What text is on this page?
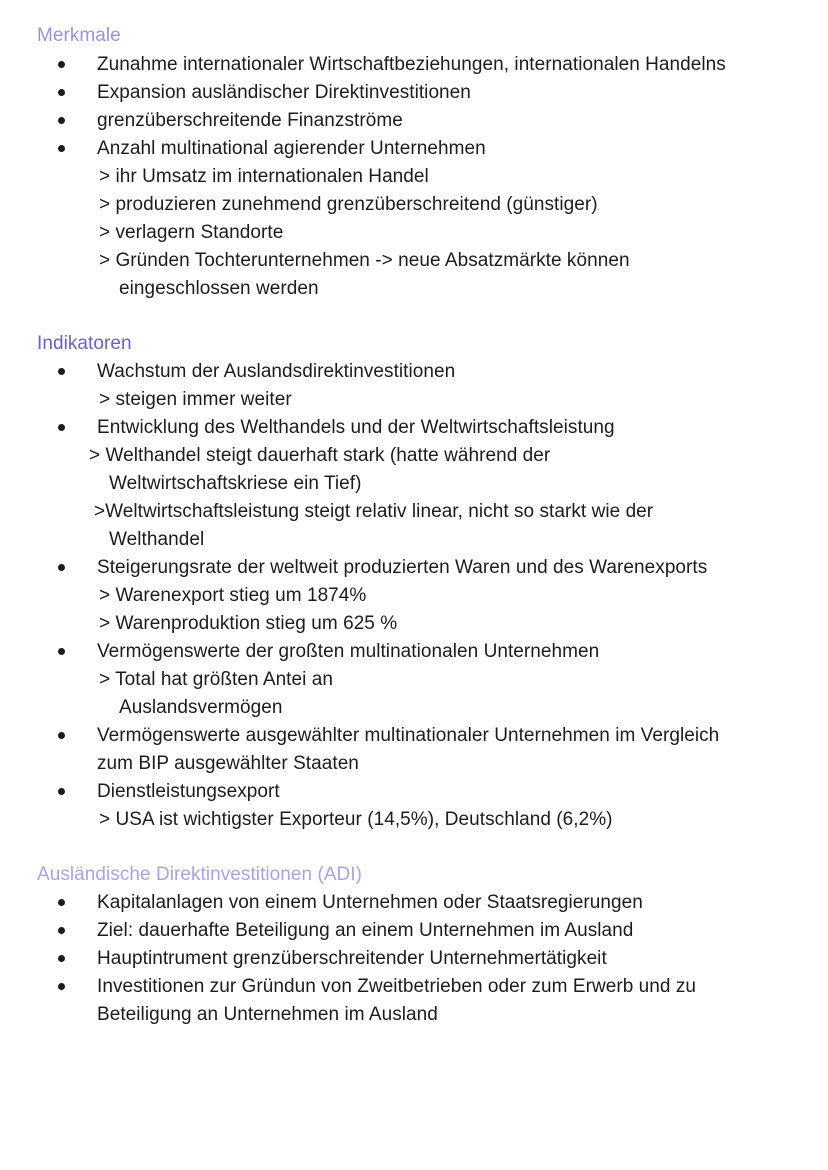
Merkmale
Zunahme internationaler Wirtschaftbeziehungen, internationalen Handelns
Expansion ausländischer Direktinvestitionen
grenzüberschreitende Finanzströme
Anzahl multinational agierender Unternehmen
> ihr Umsatz im internationalen Handel
> produzieren zunehmend grenzüberschreitend (günstiger)
> verlagern Standorte
> Gründen Tochterunternehmen -> neue Absatzmärkte können
eingeschlossen werden
Indikatoren
Wachstum der Auslandsdirektinvestitionen
> steigen immer weiter
Entwicklung des Welthandels und der Weltwirtschaftsleistung
> Welthandel steigt dauerhaft stark (hatte während der
Weltwirtschaftskriese ein Tief)
>Weltwirtschaftsleistung steigt relativ linear, nicht so starkt wie der
Welthandel
Steigerungsrate der weltweit produzierten Waren und des Warenexports
> Warenexport stieg um 1874%
> Warenproduktion stieg um 625 %
Vermögenswerte der großten multinationalen Unternehmen
> Total hat größten Antei an
Auslandsvermögen
Vermögenswerte ausgewählter multinationaler Unternehmen im Vergleich
zum BIP ausgewählter Staaten
Dienstleistungsexport
> USA ist wichtigster Exporteur (14,5%), Deutschland (6,2%)
Ausländische Direktinvestitionen (ADI)
Kapitalanlagen von einem Unternehmen oder Staatsregierungen
Ziel: dauerhafte Beteiligung an einem Unternehmen im Ausland
Hauptintrument grenzüberschreitender Unternehmertätigkeit
Investitionen zur Gründun von Zweitbetrieben oder zum Erwerb und zu
Beteiligung an Unternehmen im Ausland
